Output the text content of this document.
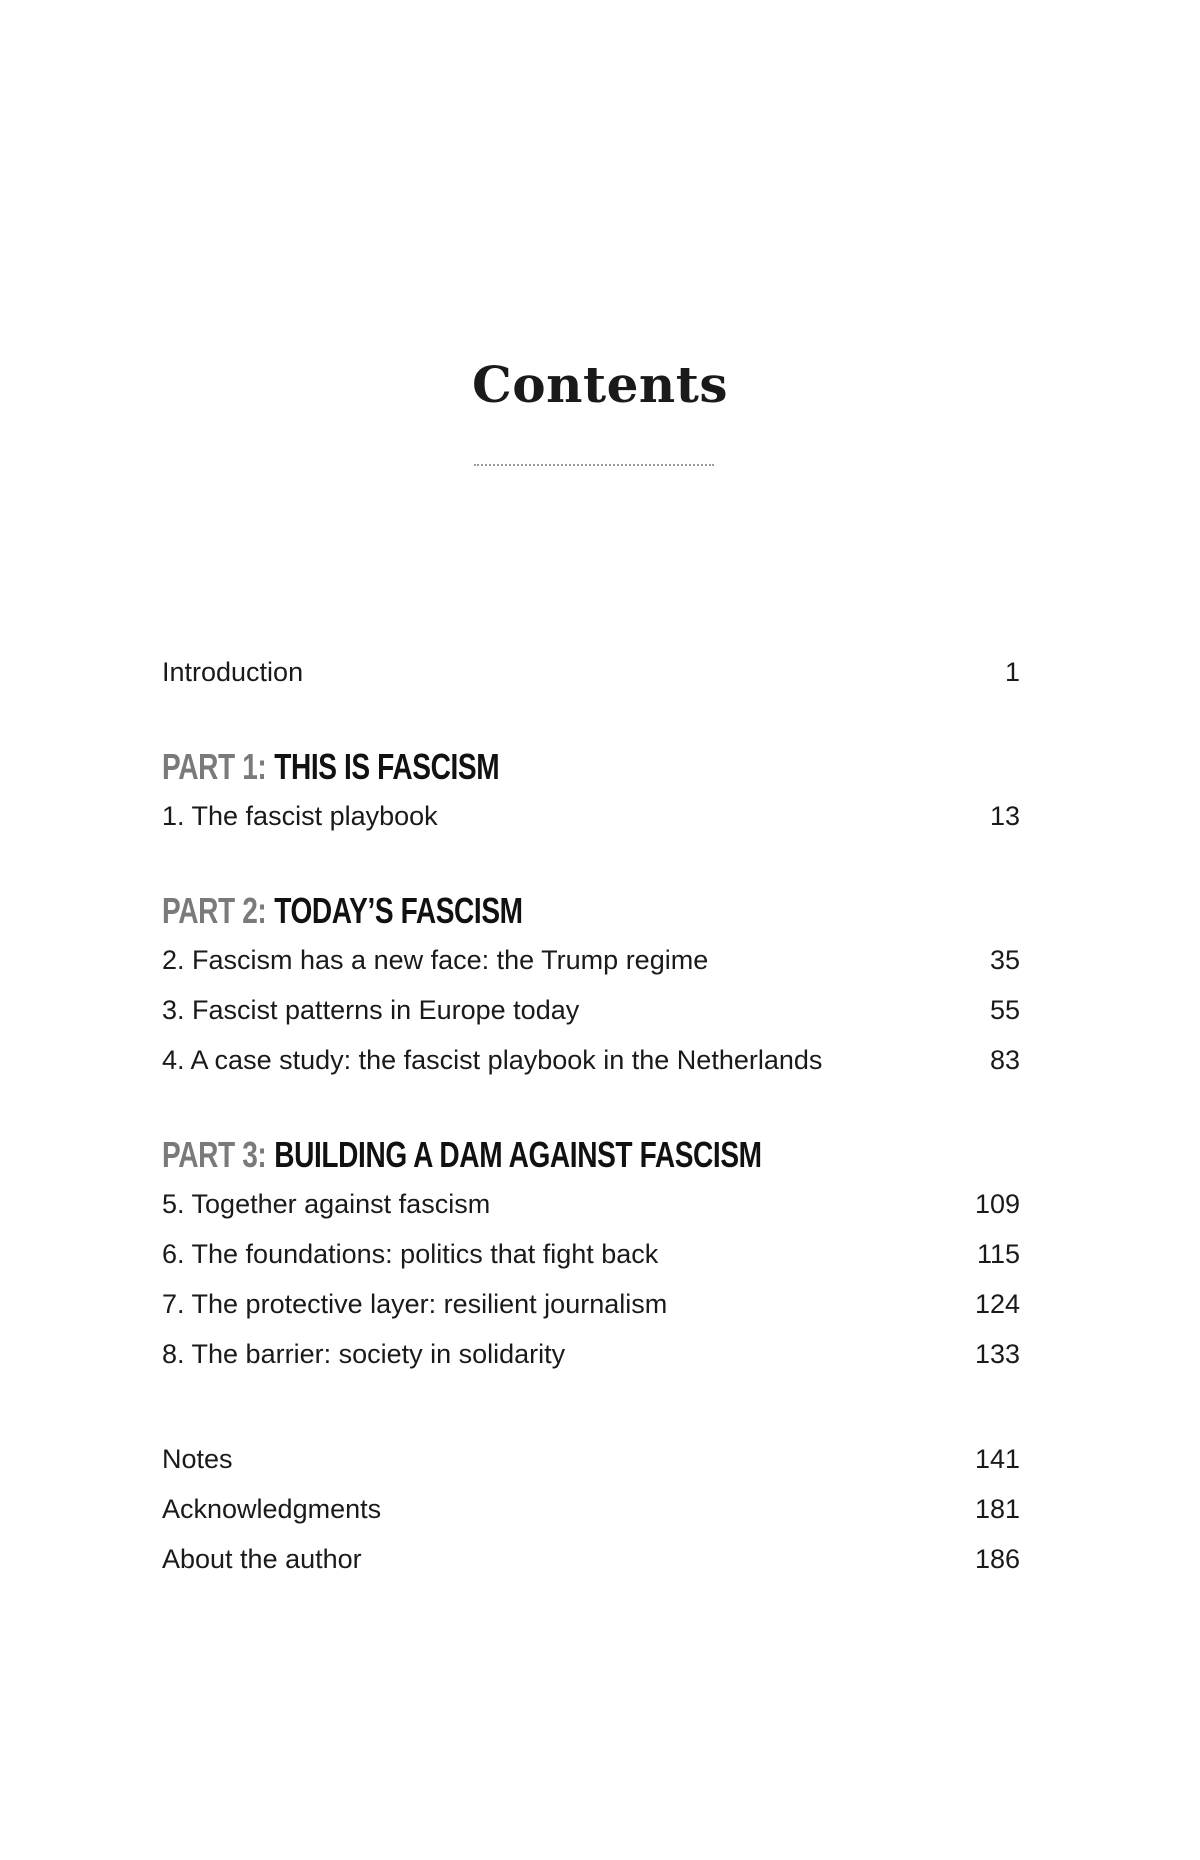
Contents
Introduction	1
PART 1: THIS IS FASCISM
1. The fascist playbook	13
PART 2: TODAY’S FASCISM
2. Fascism has a new face: the Trump regime	35
3. Fascist patterns in Europe today	55
4. A case study: the fascist playbook in the Netherlands	83
PART 3: BUILDING A DAM AGAINST FASCISM
5. Together against fascism	109
6. The foundations: politics that fight back	115
7. The protective layer: resilient journalism	124
8. The barrier: society in solidarity	133
Notes	141
Acknowledgments	181
About the author	186
